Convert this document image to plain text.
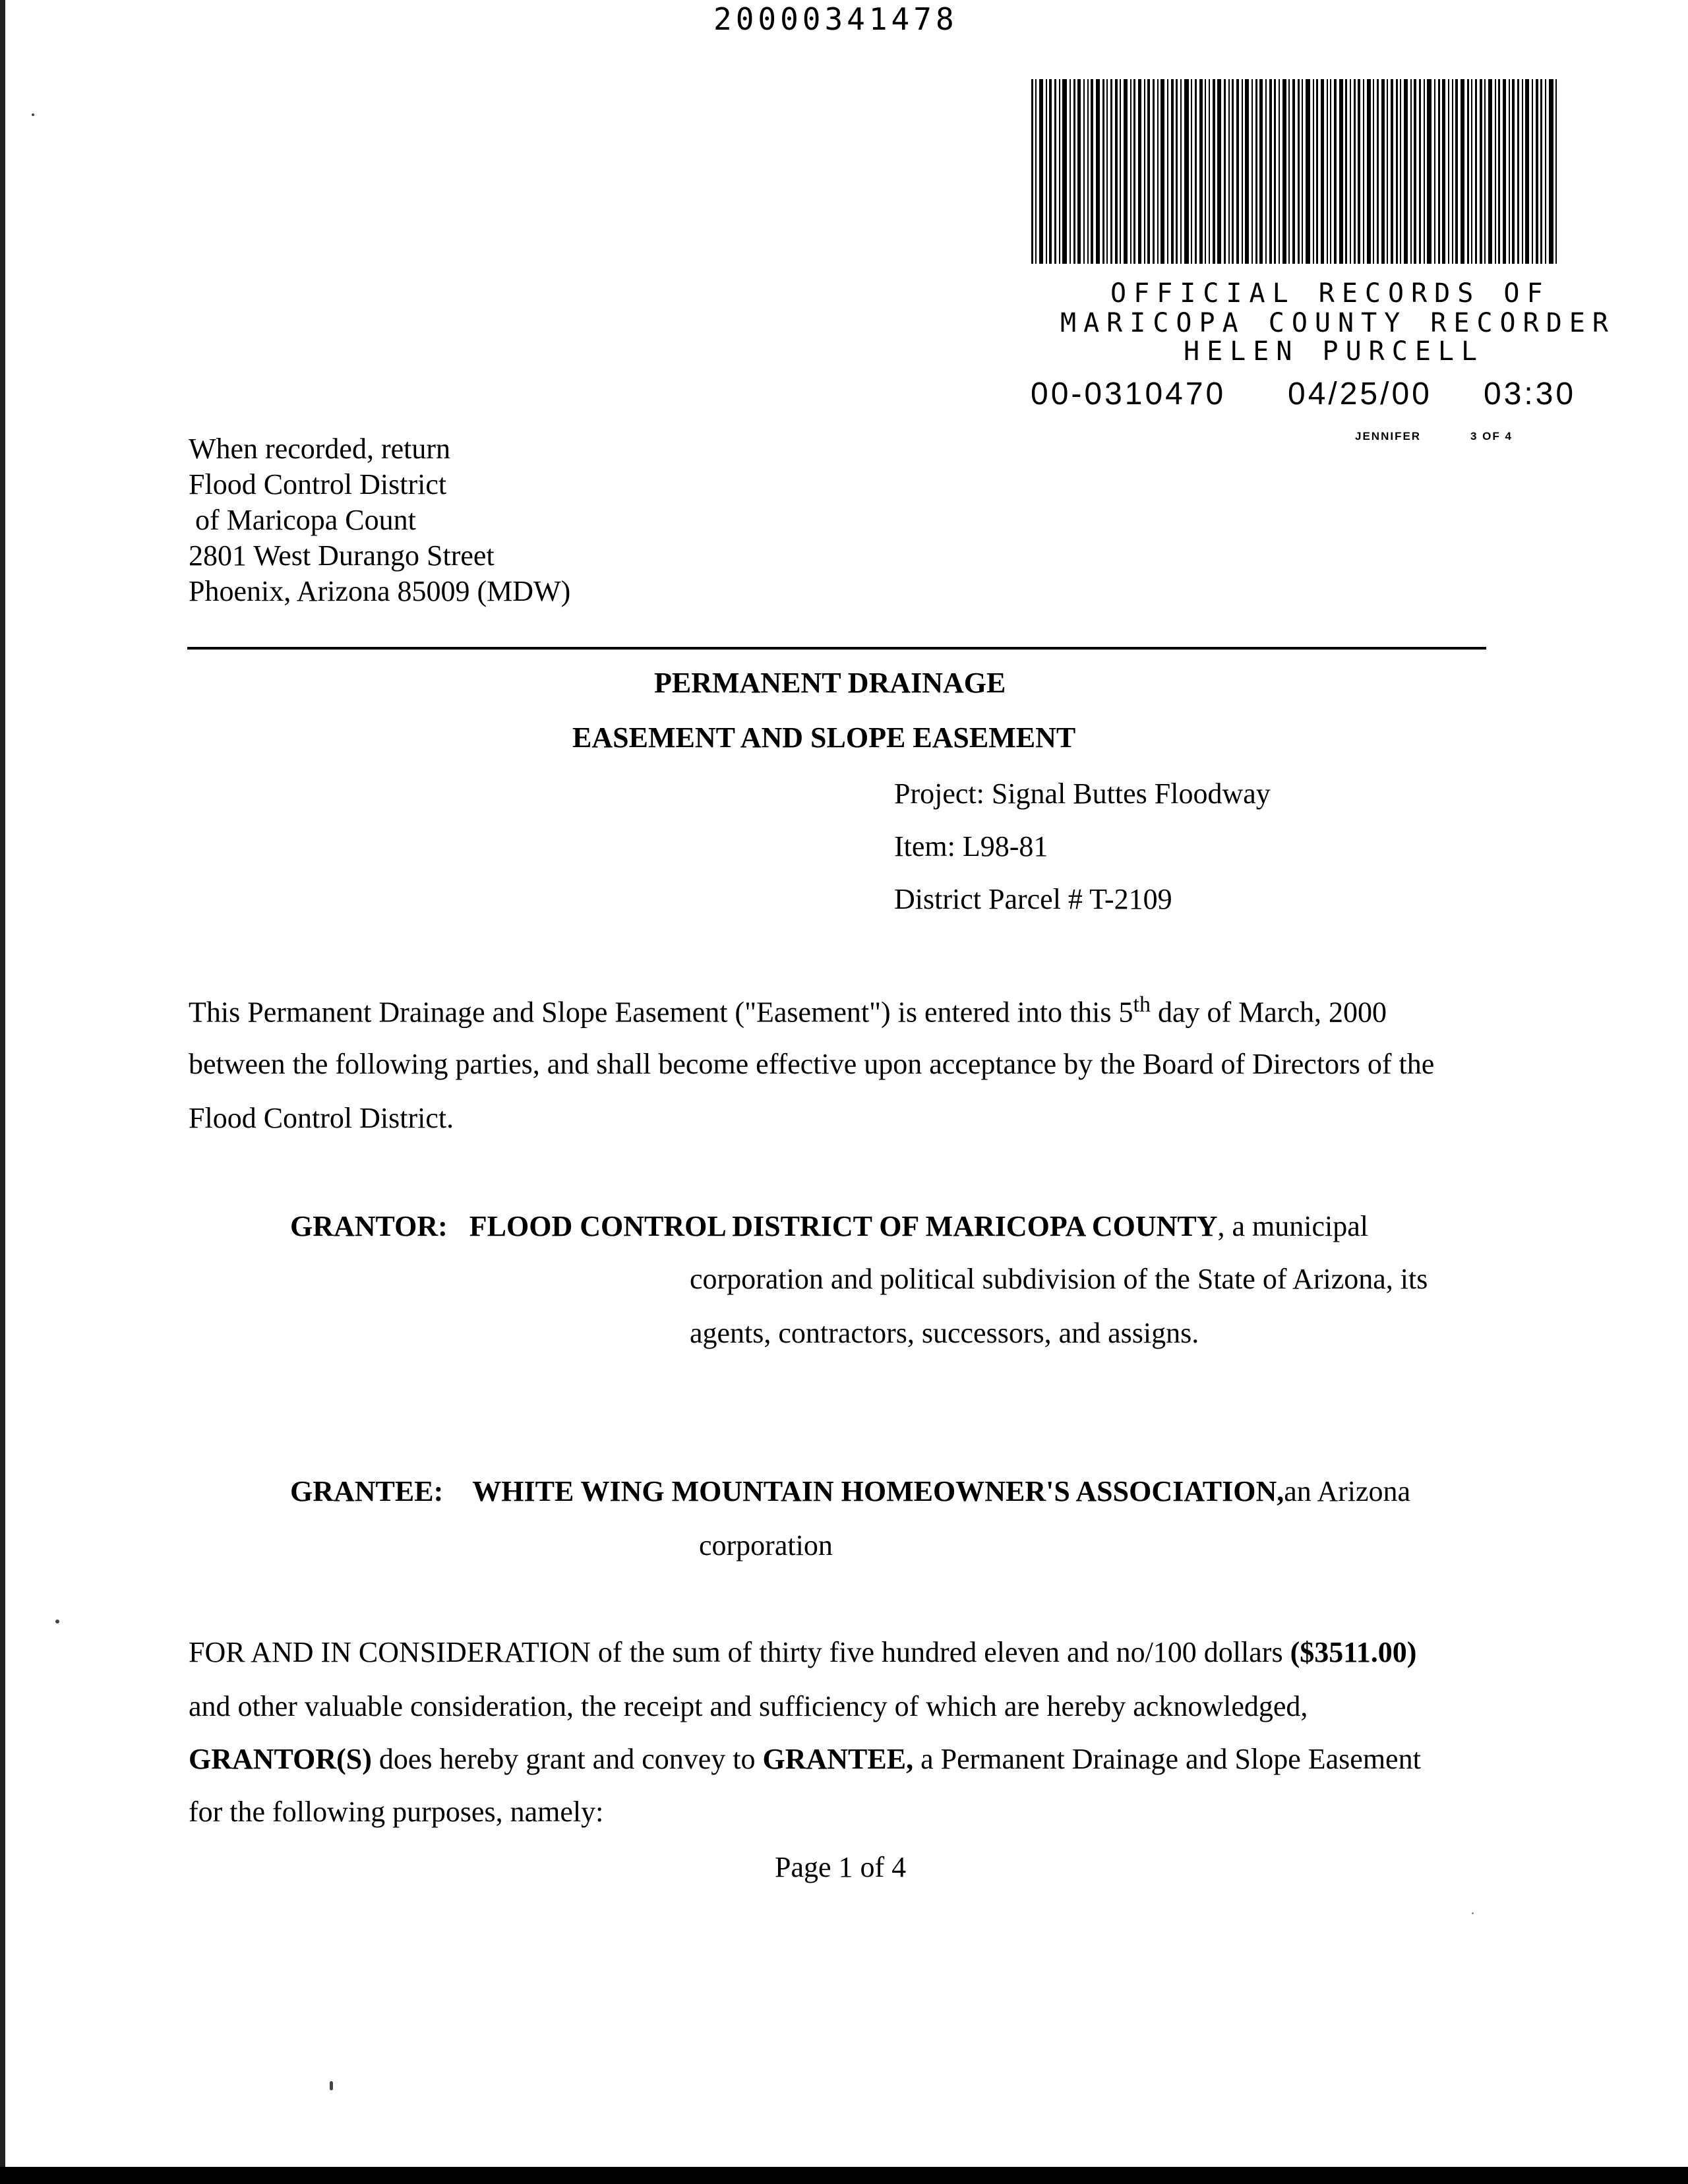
20000341478
OFFICIAL RECORDS OF
MARICOPA COUNTY RECORDER
HELEN PURCELL
00-0310470 04/25/00 03:30
JENNIFER	3 OF 4
When recorded, return
Flood Control District
of Maricopa Count
2801 West Durango Street
Phoenix, Arizona 85009 (MDW)
PERMANENT DRAINAGE
EASEMENT AND SLOPE EASEMENT
Project: Signal Buttes Floodway
Item: L98-81
District Parcel # T-2109
This Permanent Drainage and Slope Easement ("Easement") is entered into this 5th day of March, 2000
between the following parties, and shall become effective upon acceptance by the Board of Directors of the
Flood Control District.
GRANTOR: FLOOD CONTROL DISTRICT OF MARICOPA COUNTY, a municipal
corporation and political subdivision of the State of Arizona, its
agents, contractors, successors, and assigns.
GRANTEE: WHITE WING MOUNTAIN HOMEOWNER'S ASSOCIATION,an Arizona
corporation
FOR AND IN CONSIDERATION of the sum of thirty five hundred eleven and no/100 dollars ($3511.00)
and other valuable consideration, the receipt and sufficiency of which are hereby acknowledged,
GRANTOR(S) does hereby grant and convey to GRANTEE, a Permanent Drainage and Slope Easement
for the following purposes, namely:
Page 1 of 4
